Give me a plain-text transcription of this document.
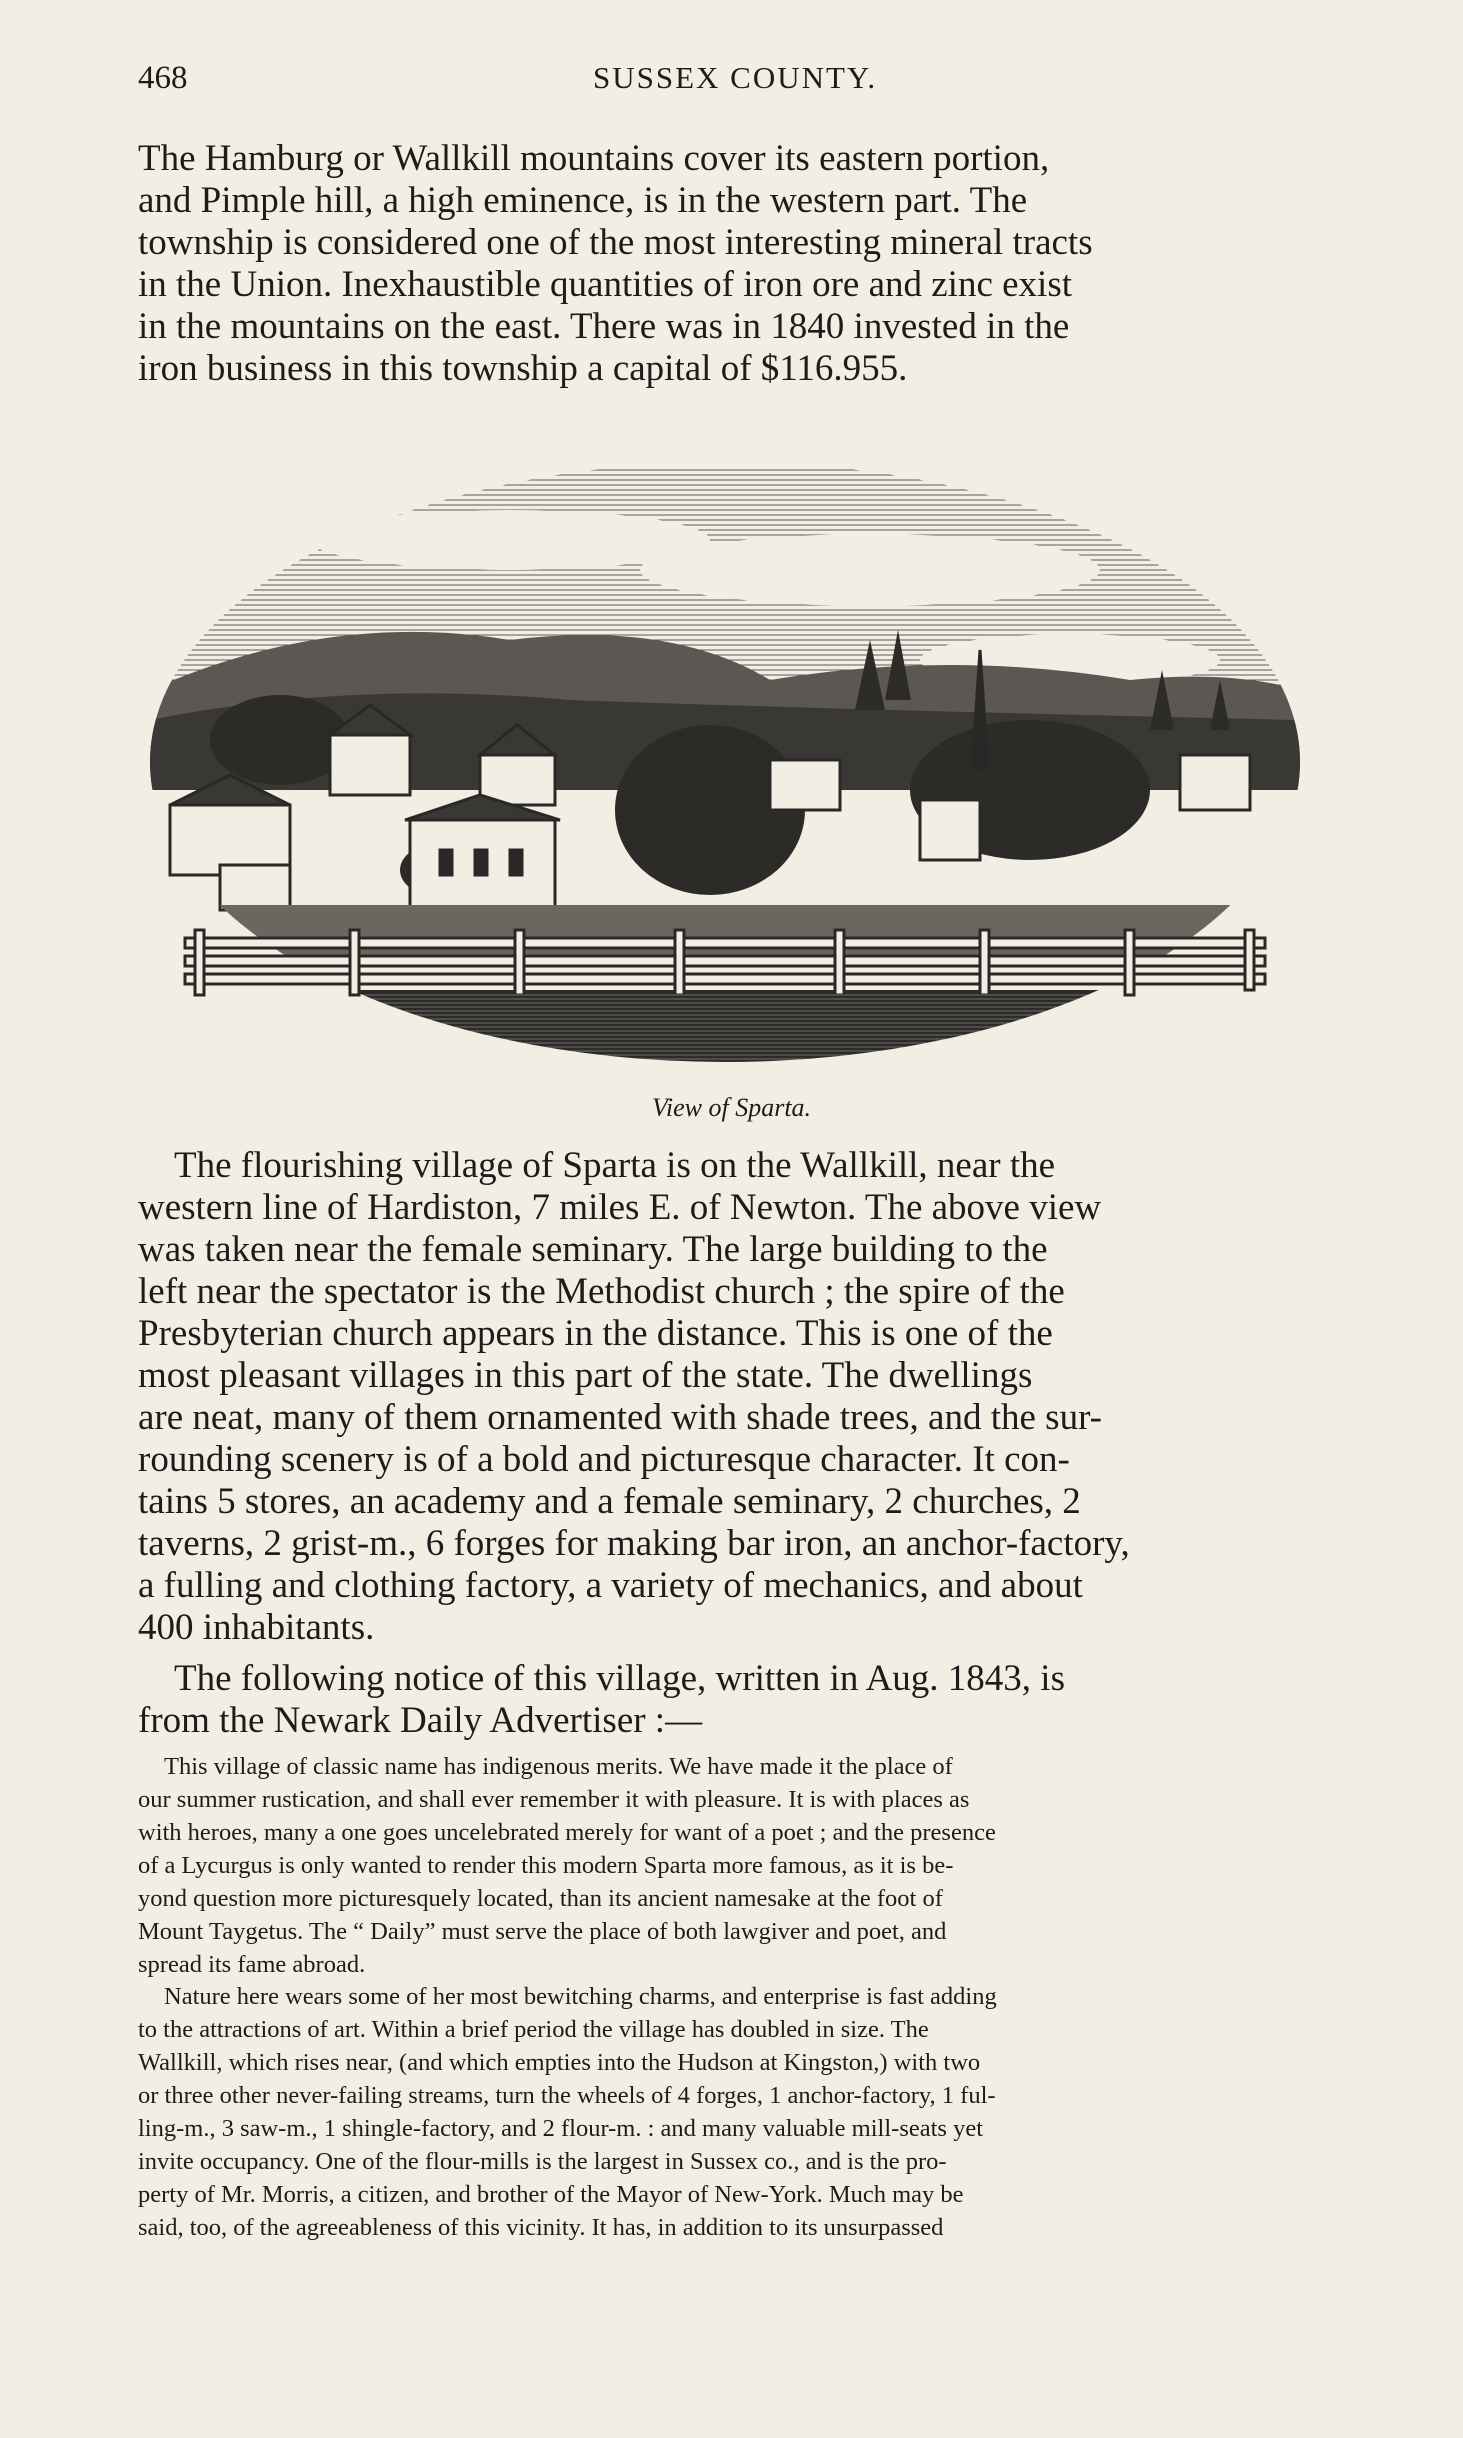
468	SUSSEX COUNTY.
The Hamburg or Wallkill mountains cover its eastern portion,
and Pimple hill, a high eminence, is in the western part. The
township is considered one of the most interesting mineral tracts
in the Union. Inexhaustible quantities of iron ore and zinc exist
in the mountains on the east. There was in 1840 invested in the
iron business in this township a capital of $116.955.
View of Sparta.
The flourishing village of Sparta is on the Wallkill, near the
western line of Hardiston, 7 miles E. of Newton. The above view
was taken near the female seminary. The large building to the
left near the spectator is the Methodist church ; the spire of the
Presbyterian church appears in the distance. This is one of the
most pleasant villages in this part of the state. The dwellings
are neat, many of them ornamented with shade trees, and the sur-
rounding scenery is of a bold and picturesque character. It con-
tains 5 stores, an academy and a female seminary, 2 churches, 2
taverns, 2 grist-m., 6 forges for making bar iron, an anchor-factory,
a fulling and clothing factory, a variety of mechanics, and about
400 inhabitants.
The following notice of this village, written in Aug. 1843, is
from the Newark Daily Advertiser :—
This village of classic name has indigenous merits. We have made it the place of
our summer rustication, and shall ever remember it with pleasure. It is with places as
with heroes, many a one goes uncelebrated merely for want of a poet ; and the presence
of a Lycurgus is only wanted to render this modern Sparta more famous, as it is be-
yond question more picturesquely located, than its ancient namesake at the foot of
Mount Taygetus. The “ Daily” must serve the place of both lawgiver and poet, and
spread its fame abroad.
Nature here wears some of her most bewitching charms, and enterprise is fast adding
to the attractions of art. Within a brief period the village has doubled in size. The
Wallkill, which rises near, (and which empties into the Hudson at Kingston,) with two
or three other never-failing streams, turn the wheels of 4 forges, 1 anchor-factory, 1 ful-
ling-m., 3 saw-m., 1 shingle-factory, and 2 flour-m. : and many valuable mill-seats yet
invite occupancy. One of the flour-mills is the largest in Sussex co., and is the pro-
perty of Mr. Morris, a citizen, and brother of the Mayor of New-York. Much may be
said, too, of the agreeableness of this vicinity. It has, in addition to its unsurpassed
